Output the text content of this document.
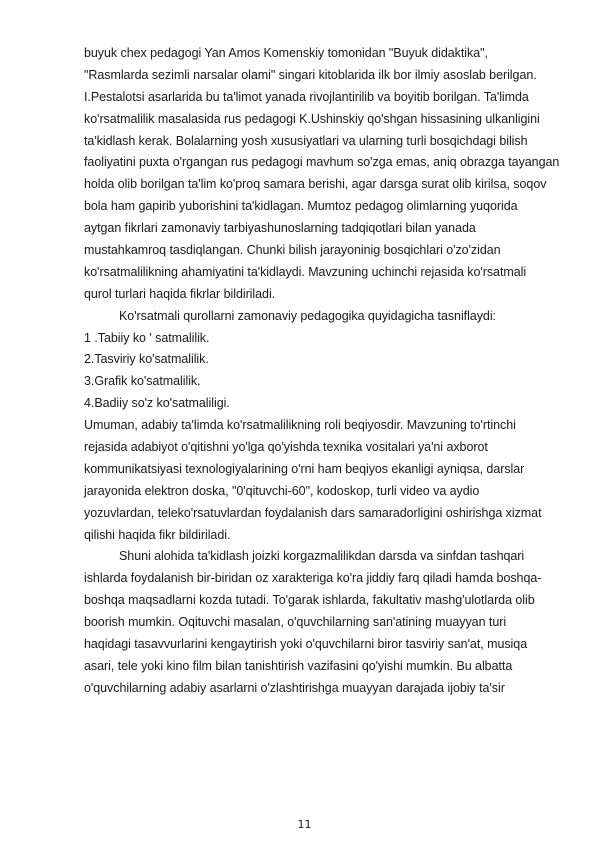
buyuk chex pedagogi Yan Amos Komenskiy tomonidan "Buyuk didaktika",
"Rasmlarda sezimli narsalar olami" singari kitoblarida ilk bor ilmiy asoslab berilgan.
I.Pestalotsi asarlarida bu ta'limot yanada rivojlantirilib va boyitib borilgan. Ta'limda
ko'rsatmalilik masalasida rus pedagogi K.Ushinskiy qo'shgan hissasining ulkanligini
ta'kidlash kerak. Bolalarning yosh xususiyatlari va ularning turli bosqichdagi bilish
faoliyatini puxta o'rgangan rus pedagogi mavhum so'zga emas, aniq obrazga tayangan
holda olib borilgan ta'lim ko'proq samara berishi, agar darsga surat olib kirilsa, soqov
bola ham gapirib yuborishini ta'kidlagan. Mumtoz pedagog olimlarning yuqorida
aytgan fikrlari zamonaviy tarbiyashunoslarning tadqiqotlari bilan yanada
mustahkamroq tasdiqlangan. Chunki bilish jarayoninig bosqichlari o'zo'zidan
ko'rsatmalilikning ahamiyatini ta'kidlaydi. Mavzuning uchinchi rejasida ko'rsatmali
qurol turlari haqida fikrlar bildiriladi.
Ko'rsatmali qurollarni zamonaviy pedagogika quyidagicha tasniflaydi:
1 .Tabiiy ko ' satmalilik.
2.Tasviriy ko'satmalilik.
3.Grafik ko'satmalilik.
4.Badiiy so'z ko'satmaliligi.
Umuman, adabiy ta'limda ko'rsatmalilikning roli beqiyosdir. Mavzuning to'rtinchi
rejasida adabiyot o'qitishni yo'lga qo'yishda texnika vositalari ya'ni axborot
kommunikatsiyasi texnologiyalarining o'rni ham beqiyos ekanligi ayniqsa, darslar
jarayonida elektron doska, "0'qituvchi-60", kodoskop, turli video va aydio
yozuvlardan, teleko'rsatuvlardan foydalanish dars samaradorligini oshirishga xizmat
qilishi haqida fikr bildiriladi.
Shuni alohida ta'kidlash joizki korgazmalilikdan darsda va sinfdan tashqari
ishlarda foydalanish bir-biridan oz xarakteriga ko'ra jiddiy farq qiladi hamda boshqa-
boshqa maqsadlarni kozda tutadi. To'garak ishlarda, fakultativ mashg'ulotlarda olib
boorish mumkin. Oqituvchi masalan, o'quvchilarning san'atining muayyan turi
haqidagi tasavvurlarini kengaytirish yoki o'quvchilarni biror tasviriy san'at, musiqa
asari, tele yoki kino film bilan tanishtirish vazifasini qo'yishi mumkin. Bu albatta
o'quvchilarning adabiy asarlarni o'zlashtirishga muayyan darajada ijobiy ta'sir
11
